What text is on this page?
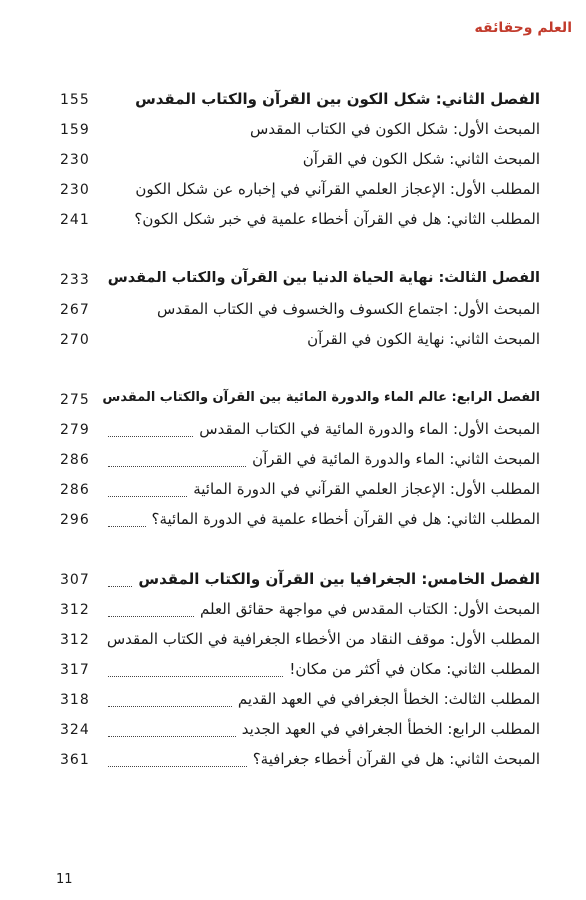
العلم وحقائقه
155	الفصل الثاني: شكل الكون بين القرآن والكتاب المقدس
159	المبحث الأول: شكل الكون في الكتاب المقدس
230	المبحث الثاني: شكل الكون في القرآن
230	المطلب الأول: الإعجاز العلمي القرآني في إخباره عن شكل الكون
241	المطلب الثاني: هل في القرآن أخطاء علمية في خبر شكل الكون؟
233 الفصل الثالث: نهاية الحياة الدنيا بين القرآن والكتاب المقدس
267	المبحث الأول: اجتماع الكسوف والخسوف في الكتاب المقدس
270	المبحث الثاني: نهاية الكون في القرآن
275 الفصل الرابع: عالم الماء والدورة المائية بين القرآن والكتاب المقدس
279	المبحث الأول: الماء والدورة المائية في الكتاب المقدس
286	المبحث الثاني: الماء والدورة المائية في القرآن
286	المطلب الأول: الإعجاز العلمي القرآني في الدورة المائية
296	المطلب الثاني: هل في القرآن أخطاء علمية في الدورة المائية؟
307	الفصل الخامس: الجغرافيا بين القرآن والكتاب المقدس
312	المبحث الأول: الكتاب المقدس في مواجهة حقائق العلم
312 المطلب الأول: موقف النقاد من الأخطاء الجغرافية في الكتاب المقدس
317	المطلب الثاني: مكان في أكثر من مكان!
318	المطلب الثالث: الخطأ الجغرافي في العهد القديم
324	المطلب الرابع: الخطأ الجغرافي في العهد الجديد
361	المبحث الثاني: هل في القرآن أخطاء جغرافية؟
11
